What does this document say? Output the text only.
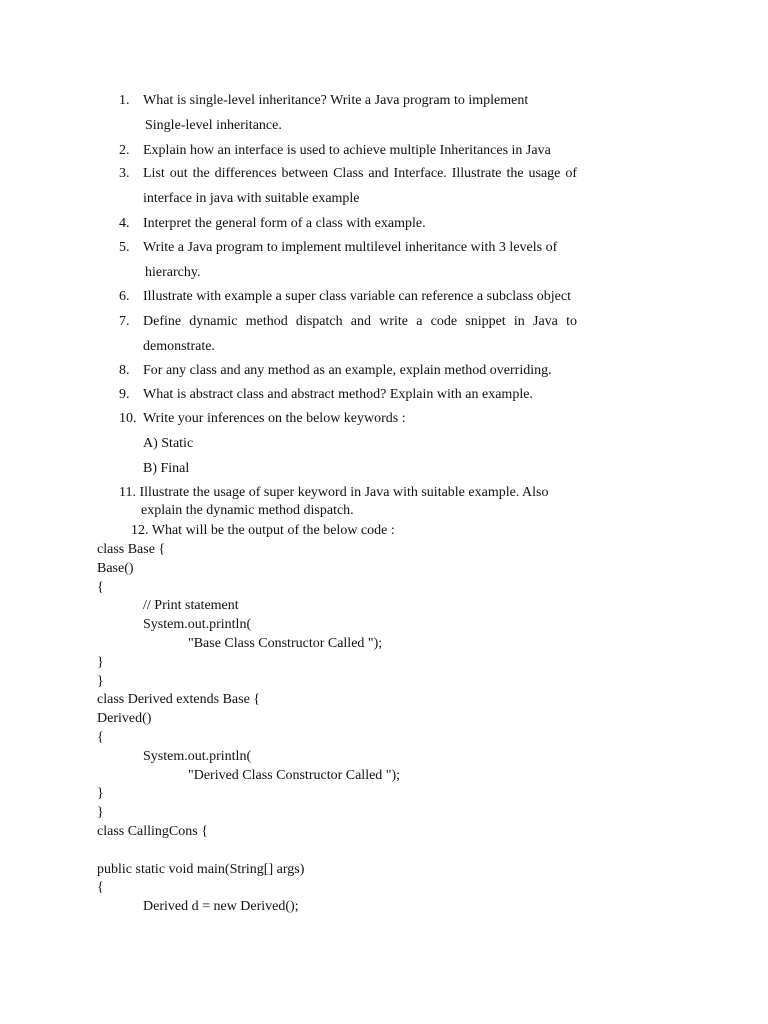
1. What is single-level inheritance? Write a Java program to implement
Single-level inheritance.
2. Explain how an interface is used to achieve multiple Inheritances in Java
3. List out the differences between Class and Interface. Illustrate the usage of interface in java with suitable example
4. Interpret the general form of a class with example.
5. Write a Java program to implement multilevel inheritance with 3 levels of
hierarchy.
6. Illustrate with example a super class variable can reference a subclass object
7. Define dynamic method dispatch and write a code snippet in Java to demonstrate.
8. For any class and any method as an example, explain method overriding.
9. What is abstract class and abstract method? Explain with an example.
10. Write your inferences on the below keywords :
A) Static
B) Final
11. Illustrate the usage of super keyword in Java with suitable example. Also
explain the dynamic method dispatch.
12. What will be the output of the below code :
class Base {
Base()
{
// Print statement
System.out.println(
"Base Class Constructor Called ");
}
}
class Derived extends Base {
Derived()
{
System.out.println(
"Derived Class Constructor Called ");
}
}
class CallingCons {
public static void main(String[] args)
{
Derived d = new Derived();
